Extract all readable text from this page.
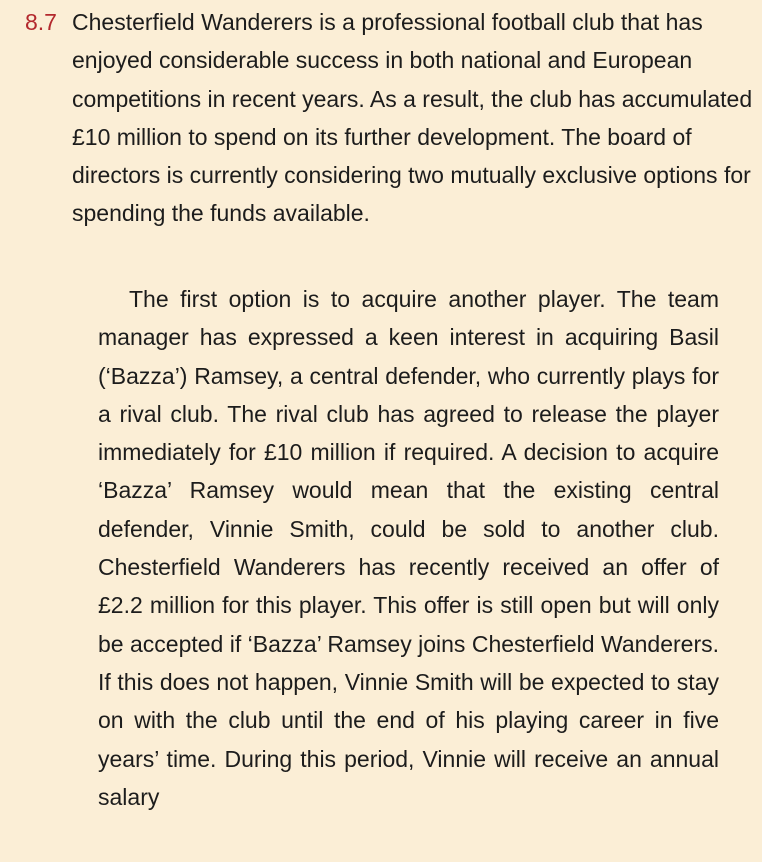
8.7 Chesterfield Wanderers is a professional football club that has enjoyed considerable success in both national and European competitions in recent years. As a result, the club has accumulated £10 million to spend on its further development. The board of directors is currently considering two mutually exclusive options for spending the funds available.

The first option is to acquire another player. The team manager has expressed a keen interest in acquiring Basil (‘Bazza’) Ramsey, a central defender, who currently plays for a rival club. The rival club has agreed to release the player immediately for £10 million if required. A decision to acquire ‘Bazza’ Ramsey would mean that the existing central defender, Vinnie Smith, could be sold to another club. Chesterfield Wanderers has recently received an offer of £2.2 million for this player. This offer is still open but will only be accepted if ‘Bazza’ Ramsey joins Chesterfield Wanderers. If this does not happen, Vinnie Smith will be expected to stay on with the club until the end of his playing career in five years’ time. During this period, Vinnie will receive an annual salary
